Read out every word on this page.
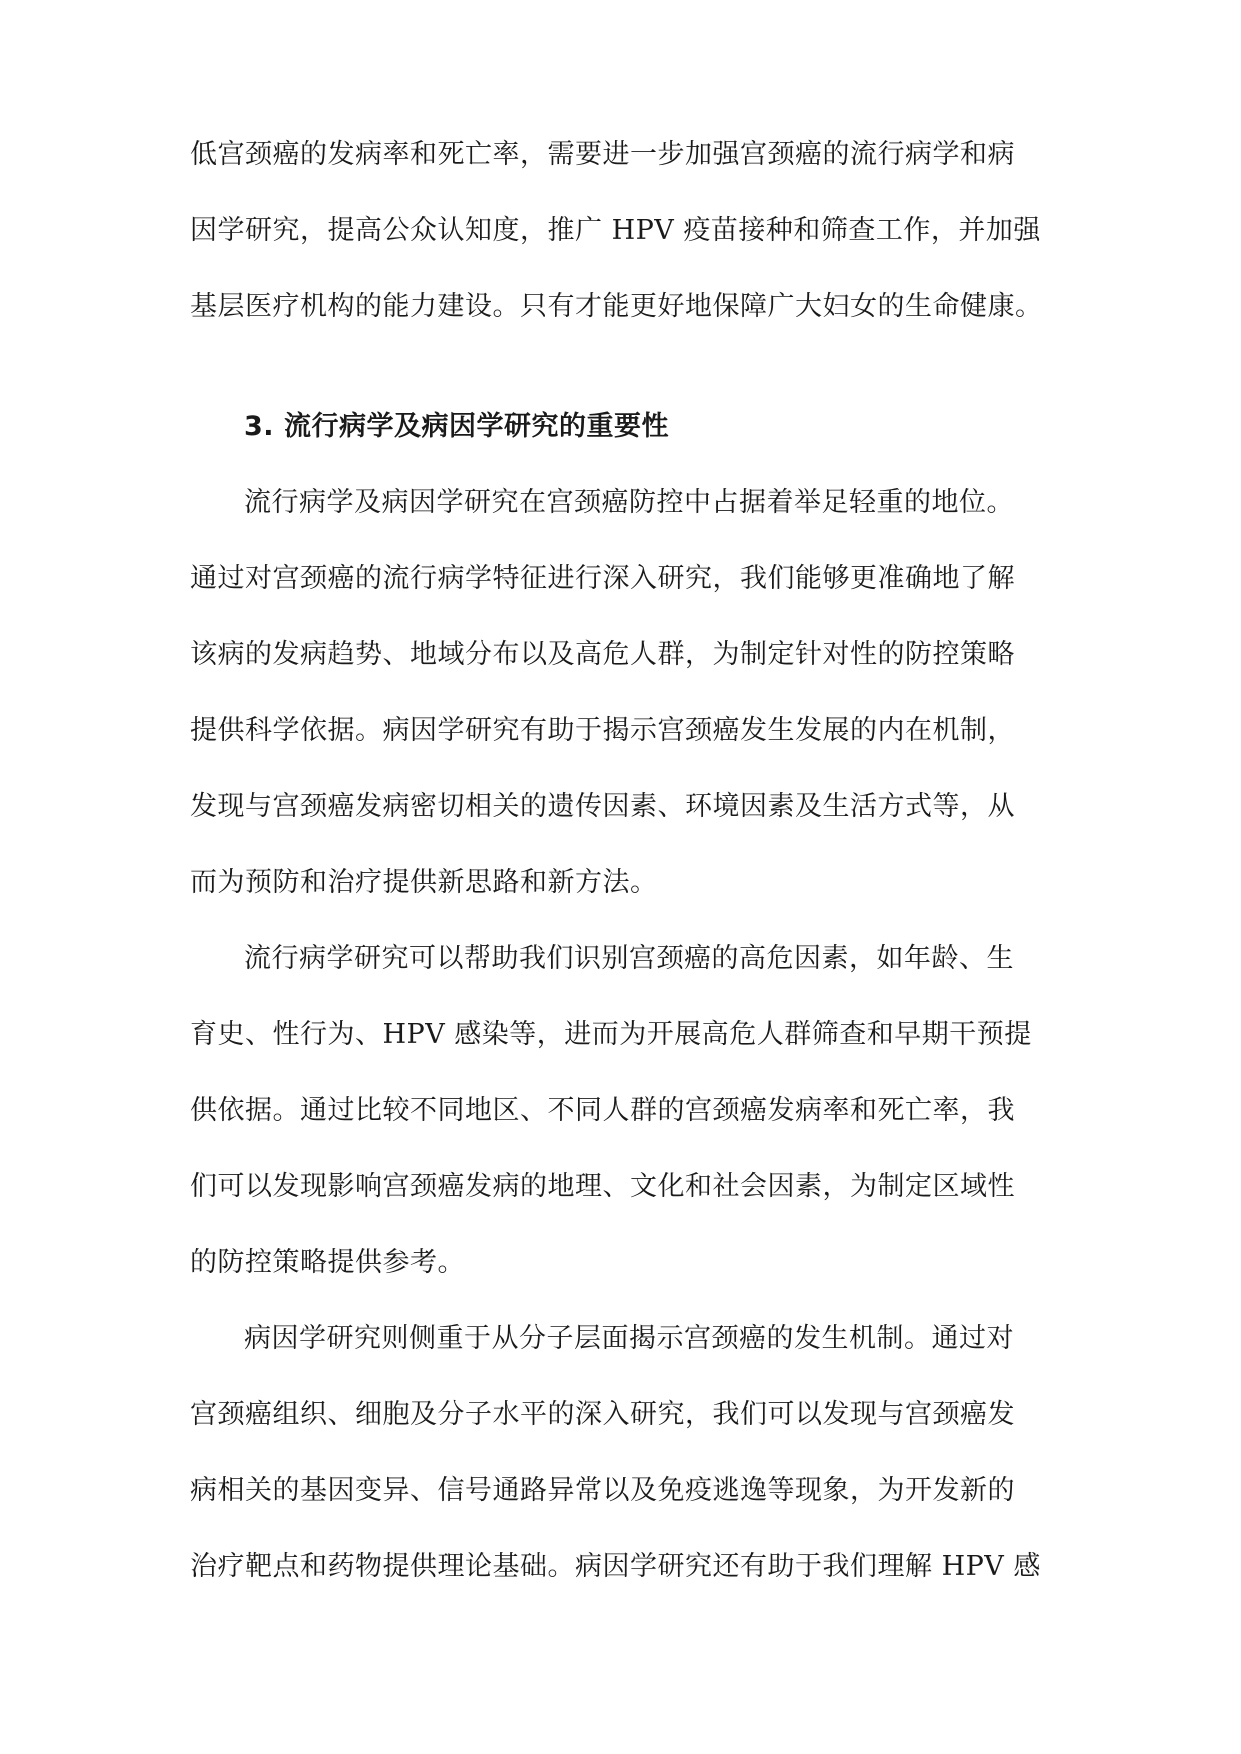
低宫颈癌的发病率和死亡率，需要进一步加强宫颈癌的流行病学和病
因学研究，提高公众认知度，推广 HPV 疫苗接种和筛查工作，并加强
基层医疗机构的能力建设。只有才能更好地保障广大妇女的生命健康。
3. 流行病学及病因学研究的重要性
流行病学及病因学研究在宫颈癌防控中占据着举足轻重的地位。
通过对宫颈癌的流行病学特征进行深入研究，我们能够更准确地了解
该病的发病趋势、地域分布以及高危人群，为制定针对性的防控策略
提供科学依据。病因学研究有助于揭示宫颈癌发生发展的内在机制，
发现与宫颈癌发病密切相关的遗传因素、环境因素及生活方式等，从
而为预防和治疗提供新思路和新方法。
流行病学研究可以帮助我们识别宫颈癌的高危因素，如年龄、生
育史、性行为、HPV 感染等，进而为开展高危人群筛查和早期干预提
供依据。通过比较不同地区、不同人群的宫颈癌发病率和死亡率，我
们可以发现影响宫颈癌发病的地理、文化和社会因素，为制定区域性
的防控策略提供参考。
病因学研究则侧重于从分子层面揭示宫颈癌的发生机制。通过对
宫颈癌组织、细胞及分子水平的深入研究，我们可以发现与宫颈癌发
病相关的基因变异、信号通路异常以及免疫逃逸等现象，为开发新的
治疗靶点和药物提供理论基础。病因学研究还有助于我们理解 HPV 感
